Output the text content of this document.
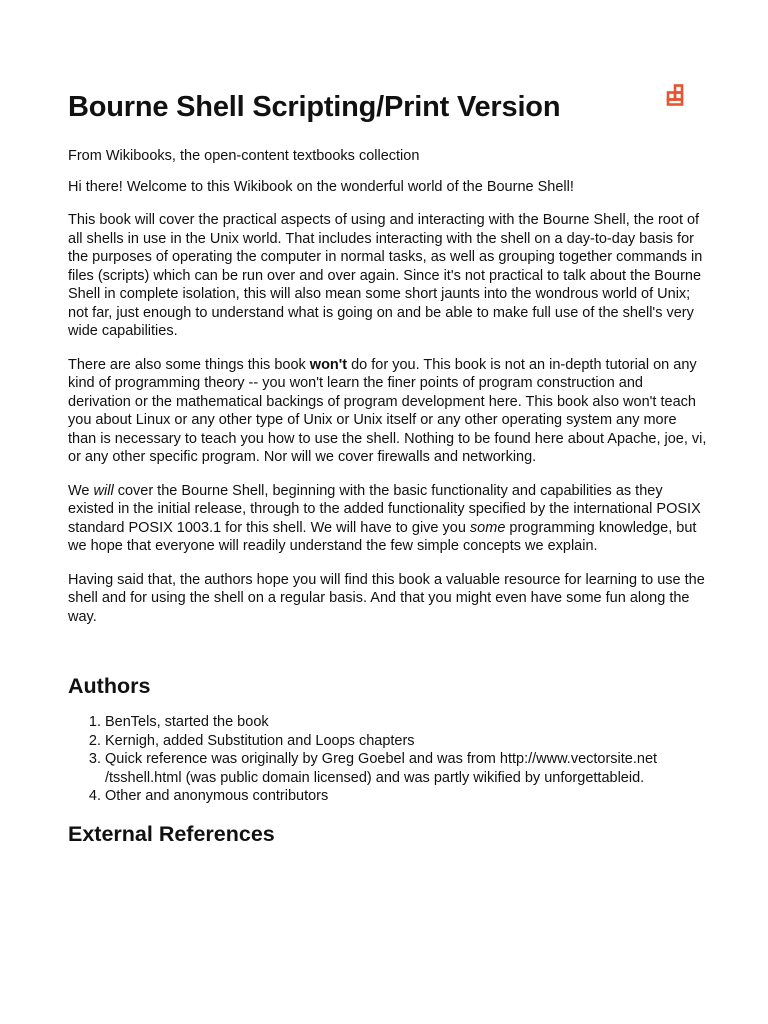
Bourne Shell Scripting/Print Version

From Wikibooks, the open-content textbooks collection

Hi there! Welcome to this Wikibook on the wonderful world of the Bourne Shell!

This book will cover the practical aspects of using and interacting with the Bourne Shell, the root of all shells in use in the Unix world. That includes interacting with the shell on a day-to-day basis for the purposes of operating the computer in normal tasks, as well as grouping together commands in files (scripts) which can be run over and over again. Since it's not practical to talk about the Bourne Shell in complete isolation, this will also mean some short jaunts into the wondrous world of Unix; not far, just enough to understand what is going on and be able to make full use of the shell's very wide capabilities.

There are also some things this book won't do for you. This book is not an in-depth tutorial on any kind of programming theory -- you won't learn the finer points of program construction and derivation or the mathematical backings of program development here. This book also won't teach you about Linux or any other type of Unix or Unix itself or any other operating system any more than is necessary to teach you how to use the shell. Nothing to be found here about Apache, joe, vi, or any other specific program. Nor will we cover firewalls and networking.

We will cover the Bourne Shell, beginning with the basic functionality and capabilities as they existed in the initial release, through to the added functionality specified by the international POSIX standard POSIX 1003.1 for this shell. We will have to give you some programming knowledge, but we hope that everyone will readily understand the few simple concepts we explain.

Having said that, the authors hope you will find this book a valuable resource for learning to use the shell and for using the shell on a regular basis. And that you might even have some fun along the way.

Authors
1. BenTels, started the book
2. Kernigh, added Substitution and Loops chapters
3. Quick reference was originally by Greg Goebel and was from http://www.vectorsite.net /tsshell.html (was public domain licensed) and was partly wikified by unforgettableid.
4. Other and anonymous contributors
External References
